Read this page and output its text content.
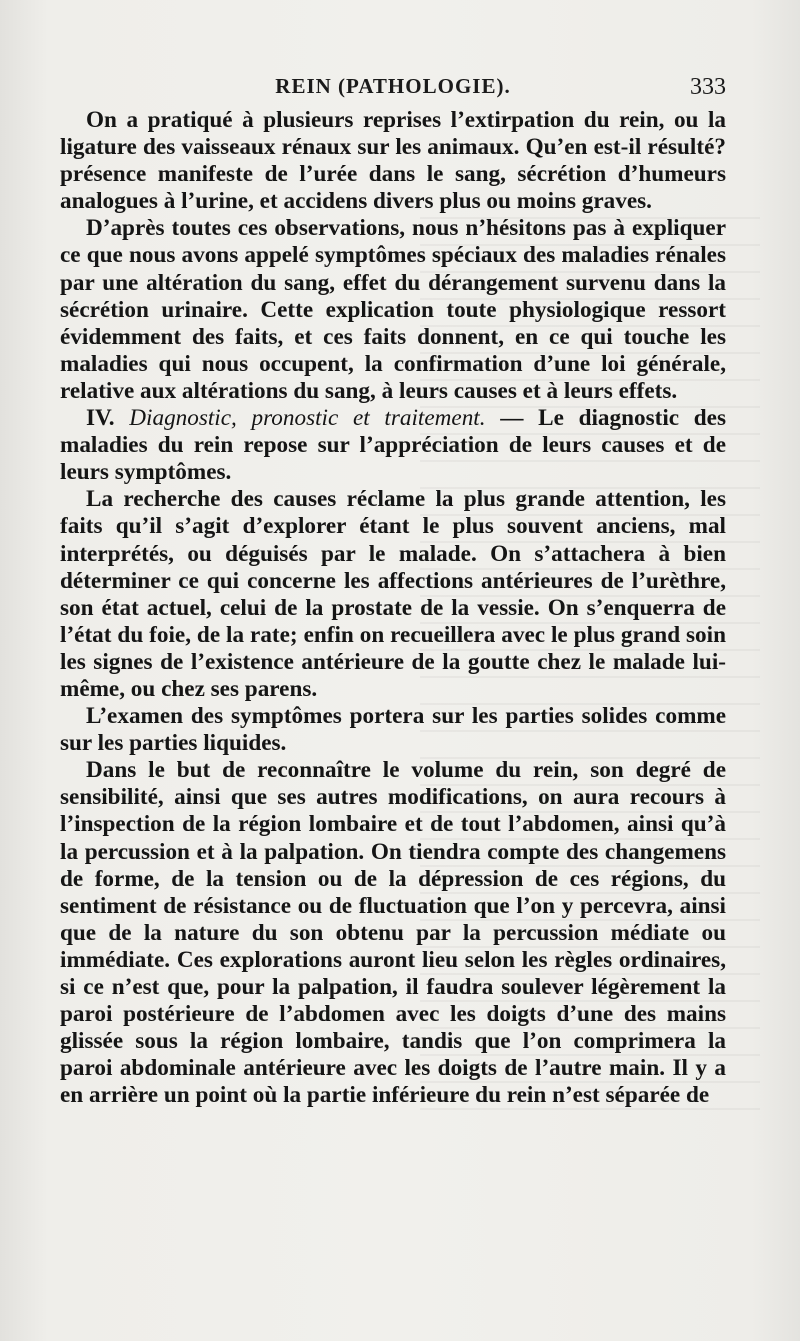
REIN (PATHOLOGIE).	333

On a pratiqué à plusieurs reprises l’extirpation du rein, ou la ligature des vaisseaux rénaux sur les animaux. Qu’en est-il résulté? présence manifeste de l’urée dans le sang, sécrétion d’humeurs analogues à l’urine, et accidens divers plus ou moins graves.

D’après toutes ces observations, nous n’hésitons pas à expliquer ce que nous avons appelé symptômes spéciaux des maladies rénales par une altération du sang, effet du dérangement survenu dans la sécrétion urinaire. Cette explication toute physiologique ressort évidemment des faits, et ces faits donnent, en ce qui touche les maladies qui nous occupent, la confirmation d’une loi générale, relative aux altérations du sang, à leurs causes et à leurs effets.

IV. Diagnostic, pronostic et traitement. — Le diagnostic des maladies du rein repose sur l’appréciation de leurs causes et de leurs symptômes.

La recherche des causes réclame la plus grande attention, les faits qu’il s’agit d’explorer étant le plus souvent anciens, mal interprétés, ou déguisés par le malade. On s’attachera à bien déterminer ce qui concerne les affections antérieures de l’urèthre, son état actuel, celui de la prostate de la vessie. On s’enquerra de l’état du foie, de la rate; enfin on recueillera avec le plus grand soin les signes de l’existence antérieure de la goutte chez le malade lui-même, ou chez ses parens.

L’examen des symptômes portera sur les parties solides comme sur les parties liquides.

Dans le but de reconnaître le volume du rein, son degré de sensibilité, ainsi que ses autres modifications, on aura recours à l’inspection de la région lombaire et de tout l’abdomen, ainsi qu’à la percussion et à la palpation. On tiendra compte des changemens de forme, de la tension ou de la dépression de ces régions, du sentiment de résistance ou de fluctuation que l’on y percevra, ainsi que de la nature du son obtenu par la percussion médiate ou immédiate. Ces explorations auront lieu selon les règles ordinaires, si ce n’est que, pour la palpation, il faudra soulever légèrement la paroi postérieure de l’abdomen avec les doigts d’une des mains glissée sous la région lombaire, tandis que l’on comprimera la paroi abdominale antérieure avec les doigts de l’autre main. Il y a en arrière un point où la partie inférieure du rein n’est séparée de
